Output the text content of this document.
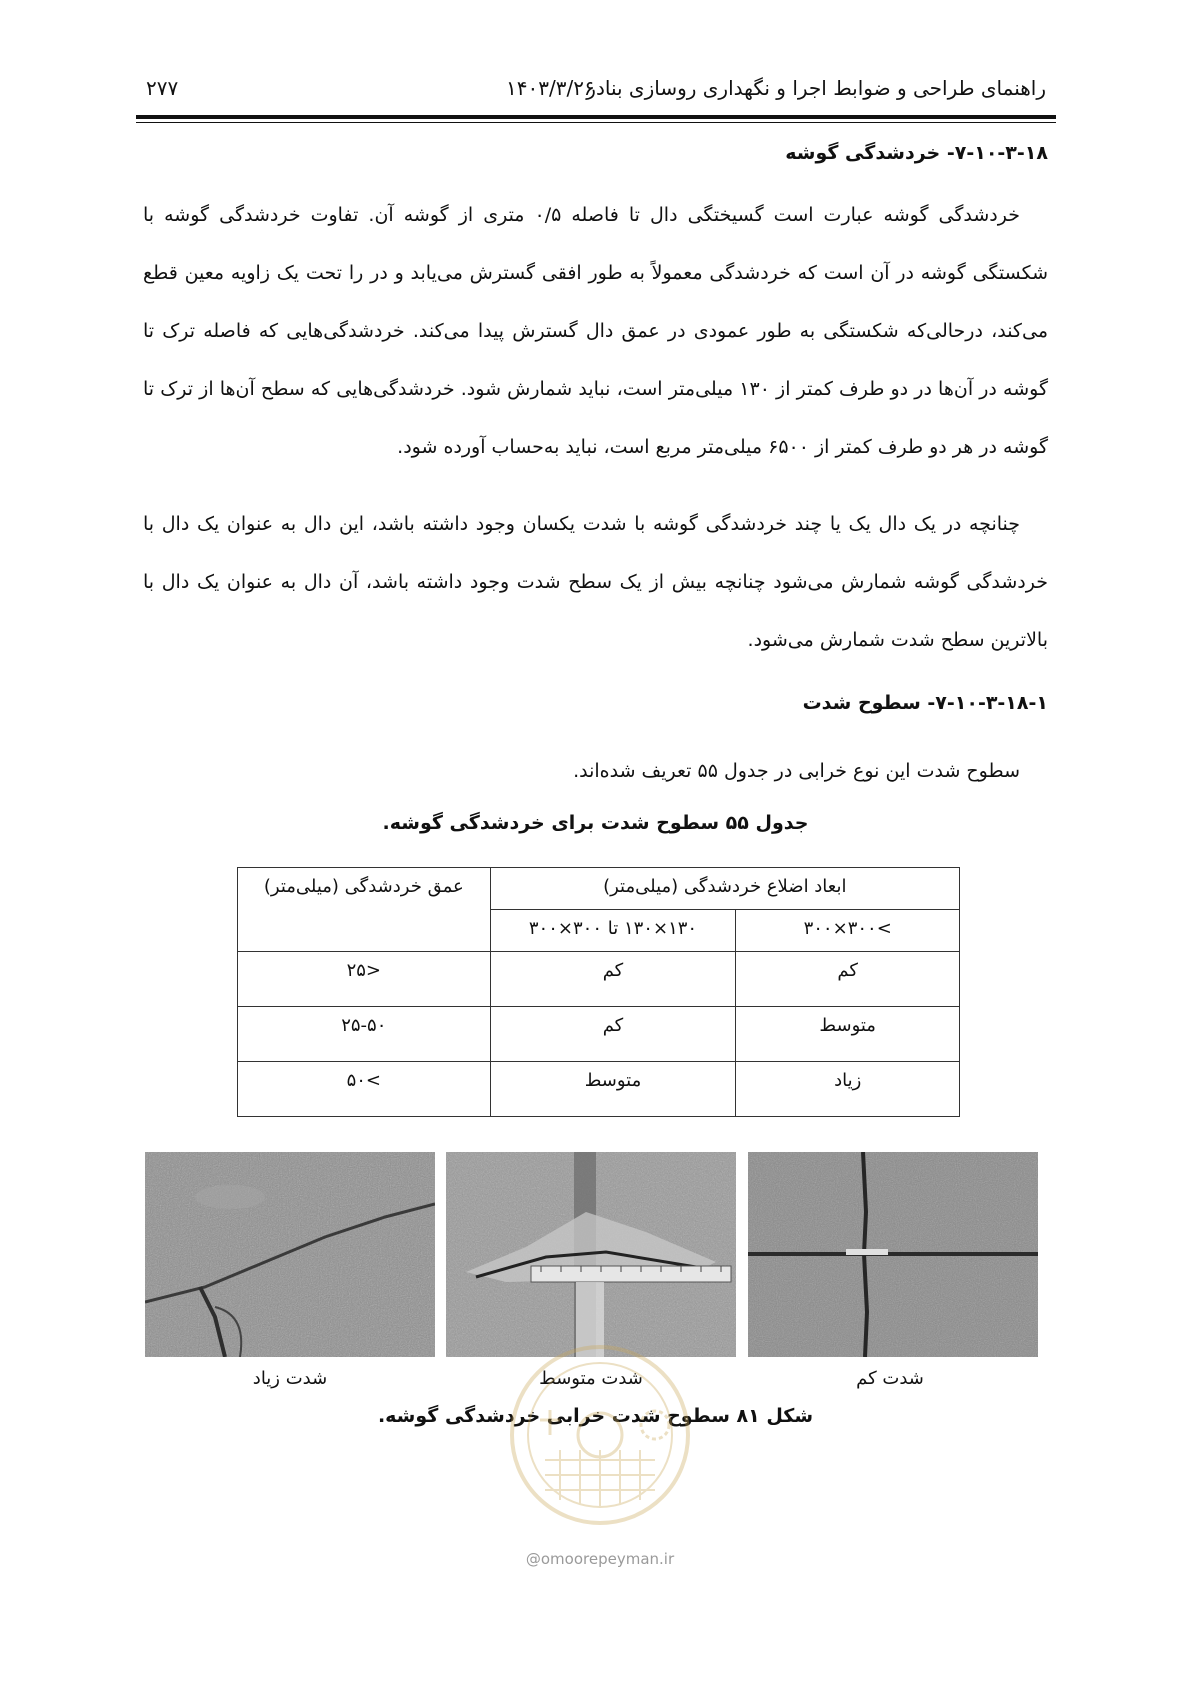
راهنمای طراحی و ضوابط اجرا و نگهداری روسازی بنادر
۱۴۰۳/۳/۲۶
۲۷۷
۷-۱۰-۳-۱۸- خردشدگی گوشه
خردشدگی گوشه عبارت است گسیختگی دال تا فاصله ۰/۵ متری از گوشه آن. تفاوت خردشدگی گوشه با شکستگی گوشه در آن است که خردشدگی معمولاً به طور افقی گسترش می‌یابد و در را تحت یک زاویه معین قطع می‌کند، درحالی‌که شکستگی به طور عمودی در عمق دال گسترش پیدا می‌کند. خردشدگی‌هایی که فاصله ترک تا گوشه در آن‌ها در دو طرف کمتر از ۱۳۰ میلی‌متر است، نباید شمارش شود. خردشدگی‌هایی که سطح آن‌ها از ترک تا گوشه در هر دو طرف کمتر از ۶۵۰۰ میلی‌متر مربع است، نباید به‌حساب آورده شود.
چنانچه در یک دال یک یا چند خردشدگی گوشه با شدت یکسان وجود داشته باشد، این دال به عنوان یک دال با خردشدگی گوشه شمارش می‌شود چنانچه بیش از یک سطح شدت وجود داشته باشد، آن دال به عنوان یک دال با بالاترین سطح شدت شمارش می‌شود.
۷-۱۰-۳-۱۸-۱- سطوح شدت
سطوح شدت این نوع خرابی در جدول ۵۵ تعریف شده‌اند.
جدول ۵۵ سطوح شدت برای خردشدگی گوشه.
ابعاد اضلاع خردشدگی (میلی‌متر)		عمق خردشدگی (میلی‌متر)
>۳۰۰×۳۰۰	۱۳۰×۱۳۰ تا ۳۰۰×۳۰۰	
کم	کم	<۲۵
متوسط	کم	۲۵-۵۰
زیاد	متوسط	>۵۰
شدت کم
شدت متوسط
شدت زیاد
شکل ۸۱ سطوح شدت خرابی خردشدگی گوشه.
@omoorepeyman.ir
